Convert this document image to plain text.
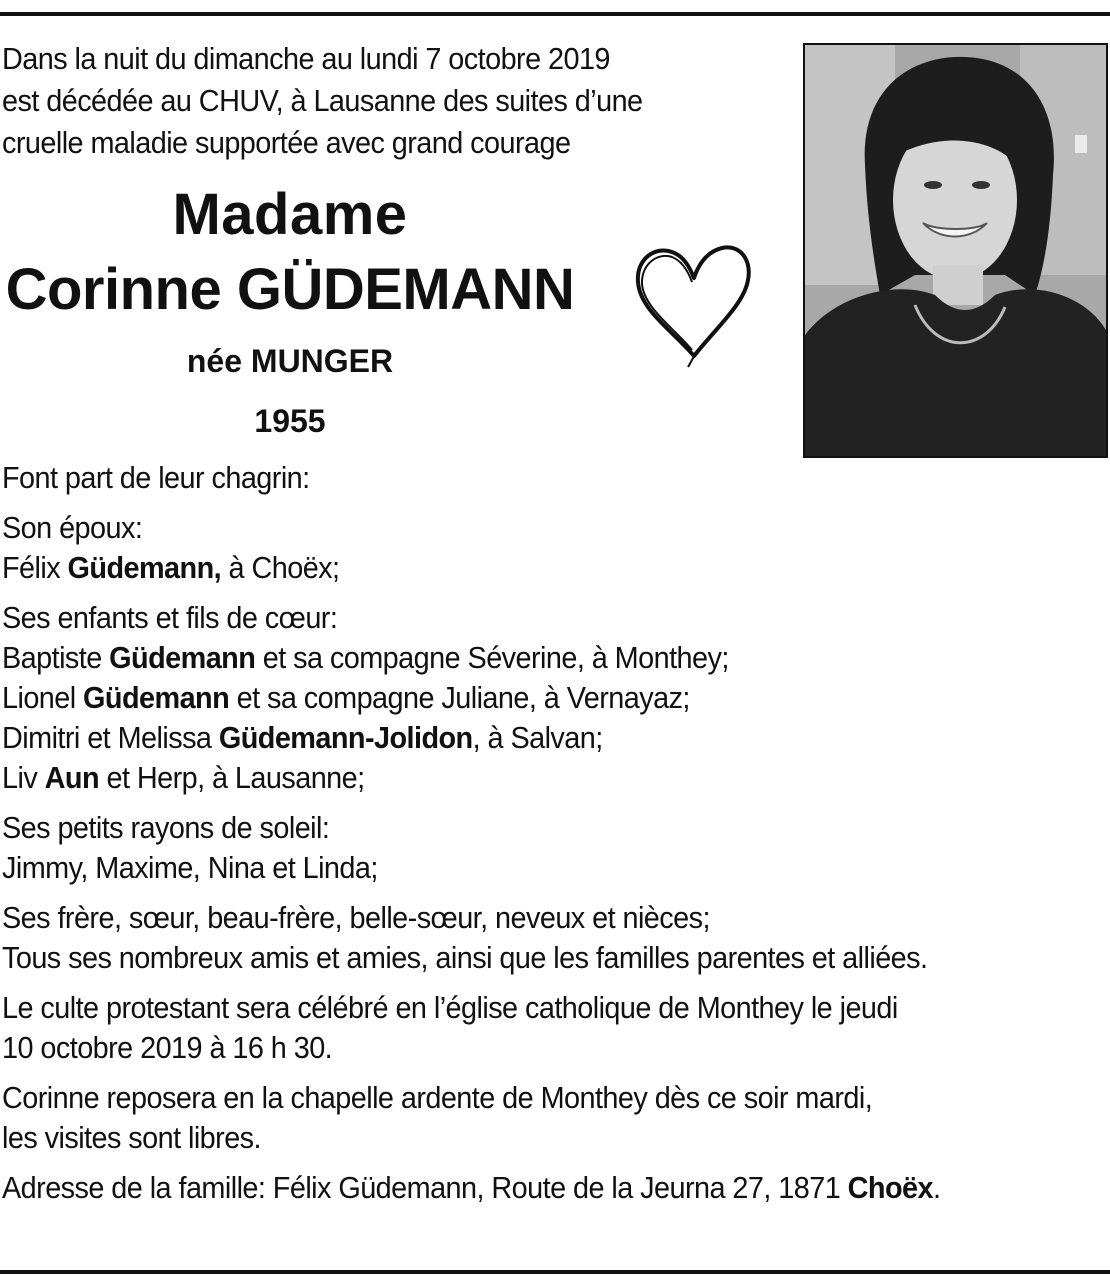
Dans la nuit du dimanche au lundi 7 octobre 2019
est décédée au CHUV, à Lausanne des suites d’une
cruelle maladie supportée avec grand courage
Madame
Corinne GÜDEMANN
née MUNGER
1955
Font part de leur chagrin:
Son époux:
Félix Güdemann, à Choëx;
Ses enfants et fils de cœur:
Baptiste Güdemann et sa compagne Séverine, à Monthey;
Lionel Güdemann et sa compagne Juliane, à Vernayaz;
Dimitri et Melissa Güdemann-Jolidon, à Salvan;
Liv Aun et Herp, à Lausanne;
Ses petits rayons de soleil:
Jimmy, Maxime, Nina et Linda;
Ses frère, sœur, beau-frère, belle-sœur, neveux et nièces;
Tous ses nombreux amis et amies, ainsi que les familles parentes et alliées.
Le culte protestant sera célébré en l’église catholique de Monthey le jeudi
10 octobre 2019 à 16 h 30.
Corinne reposera en la chapelle ardente de Monthey dès ce soir mardi,
les visites sont libres.
Adresse de la famille: Félix Güdemann, Route de la Jeurna 27, 1871 Choëx.
